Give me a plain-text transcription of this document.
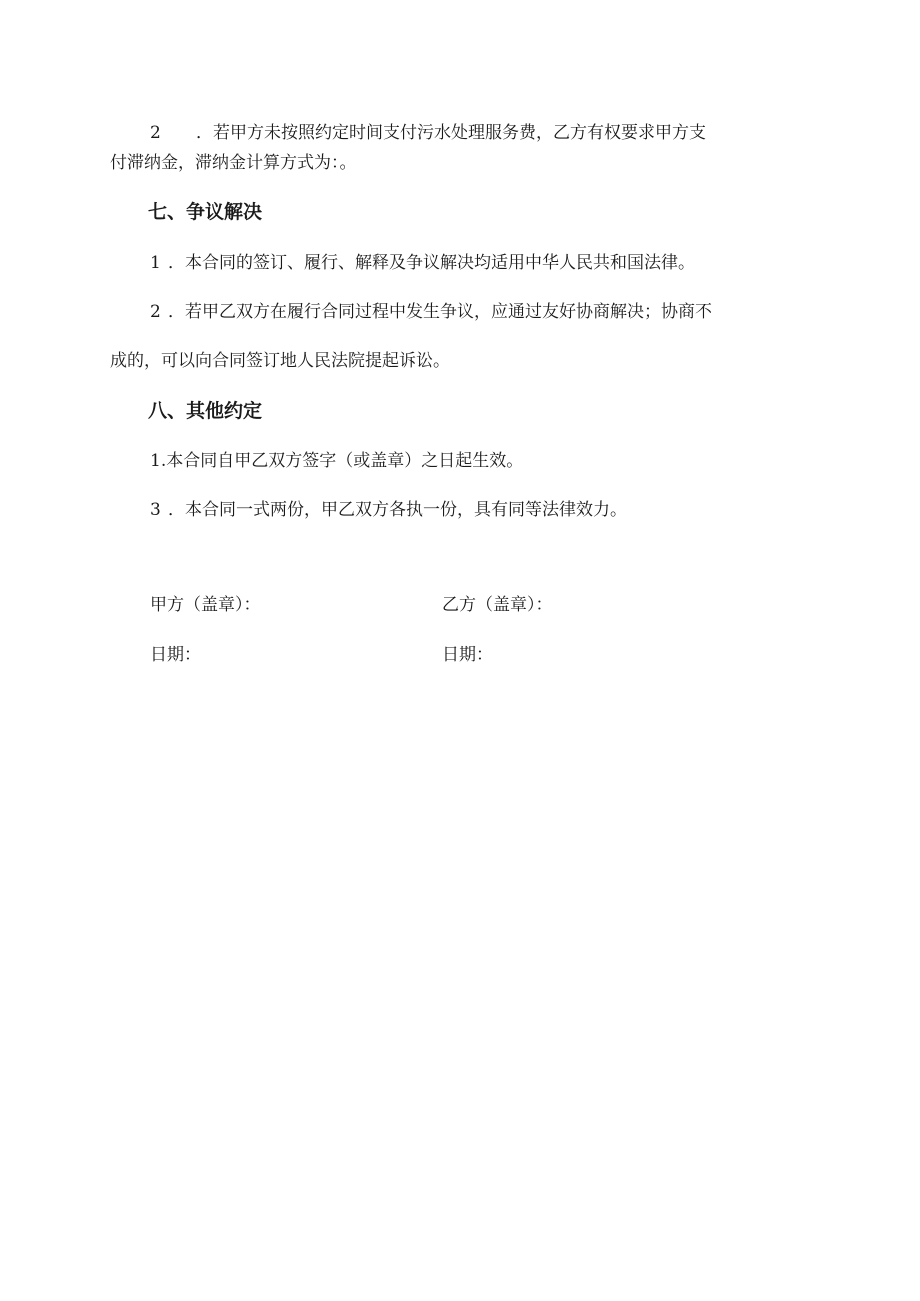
2 ．若甲方未按照约定时间支付污水处理服务费，乙方有权要求甲方支

付滞纳金，滞纳金计算方式为：。

七、争议解决

1 ．本合同的签订、履行、解释及争议解决均适用中华人民共和国法律。

2 ．若甲乙双方在履行合同过程中发生争议，应通过友好协商解决；协商不

成的，可以向合同签订地人民法院提起诉讼。

八、其他约定

1.本合同自甲乙双方签字（或盖章）之日起生效。

3 ．本合同一式两份，甲乙双方各执一份，具有同等法律效力。

甲方（盖章）：	乙方（盖章）：
日期：	日期：
